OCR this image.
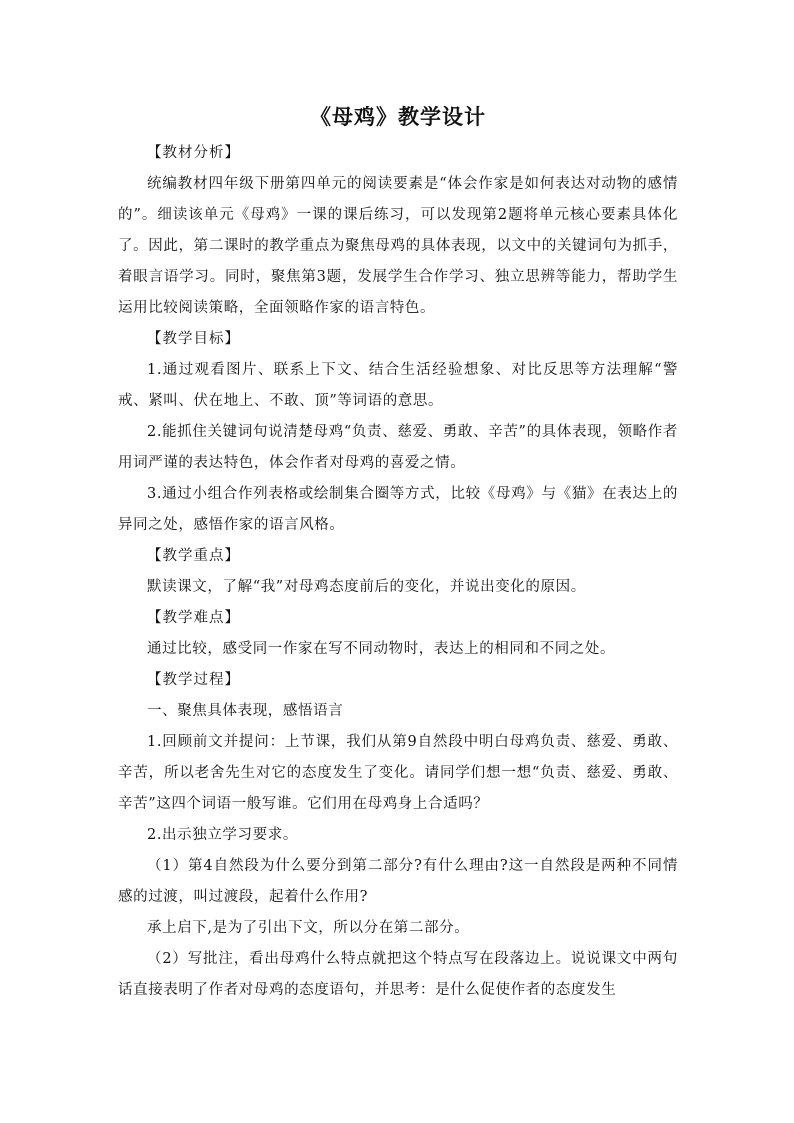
《母鸡》教学设计

【教材分析】

统编教材四年级下册第四单元的阅读要素是“体会作家是如何表达对动物的感情的”。细读该单元《母鸡》一课的课后练习，可以发现第2题将单元核心要素具体化了。因此，第二课时的教学重点为聚焦母鸡的具体表现，以文中的关键词句为抓手，着眼言语学习。同时，聚焦第3题，发展学生合作学习、独立思辨等能力，帮助学生运用比较阅读策略，全面领略作家的语言特色。

【教学目标】

1.通过观看图片、联系上下文、结合生活经验想象、对比反思等方法理解“警戒、紧叫、伏在地上、不敢、顶”等词语的意思。

2.能抓住关键词句说清楚母鸡“负责、慈爱、勇敢、辛苦”的具体表现，领略作者用词严谨的表达特色，体会作者对母鸡的喜爱之情。

3.通过小组合作列表格或绘制集合圈等方式，比较《母鸡》与《猫》在表达上的异同之处，感悟作家的语言风格。

【教学重点】

默读课文，了解“我”对母鸡态度前后的变化，并说出变化的原因。

【教学难点】

通过比较，感受同一作家在写不同动物时，表达上的相同和不同之处。

【教学过程】

一、聚焦具体表现，感悟语言

1.回顾前文并提问：上节课，我们从第9自然段中明白母鸡负责、慈爱、勇敢、辛苦，所以老舍先生对它的态度发生了变化。请同学们想一想“负责、慈爱、勇敢、辛苦”这四个词语一般写谁。它们用在母鸡身上合适吗？

2.出示独立学习要求。

（1）第4自然段为什么要分到第二部分?有什么理由?这一自然段是两种不同情感的过渡，叫过渡段，起着什么作用?

承上启下,是为了引出下文，所以分在第二部分。

（2）写批注，看出母鸡什么特点就把这个特点写在段落边上。说说课文中两句话直接表明了作者对母鸡的态度语句，并思考：是什么促使作者的态度发生
